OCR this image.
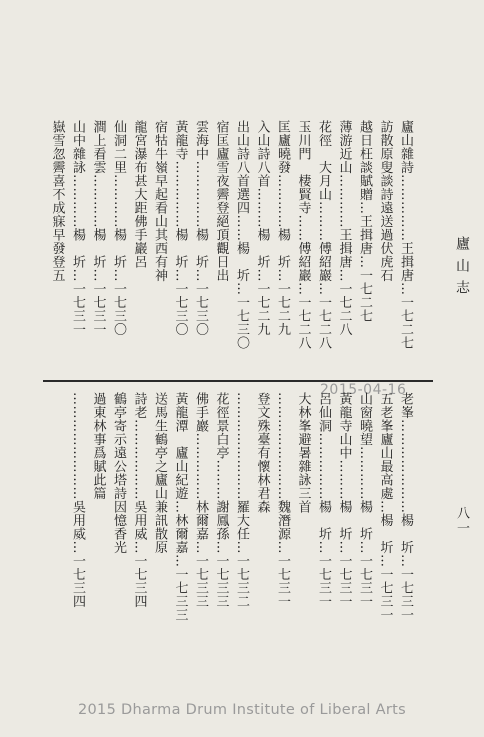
廬山志
八一
廬山雜詩……………王揖唐…一七二七
訪散原叟談詩遠送過伏虎石
越日枉談賦贈…王揖唐…一七二七
薄游近山…………王揖唐…一七二八
花徑　大月山………傅紹巖…一七二八
玉川門　棲賢寺……傅紹巖…一七二八
匡廬曉發…………楊　圻…一七二九
入山詩八首………楊　圻…一七二九
出山詩八首選四……楊　圻…一七三〇
宿匡廬雪夜霽登絕頂觀日出
雲海中……………楊　圻…一七三〇
黃龍寺……………楊　圻…一七三〇
宿牯牛嶺早起看山其西有神
龍宮瀑布甚大距佛手巖呂
仙洞二里…………楊　圻…一七三〇
澗上看雲…………楊　圻…一七三一
山中雜詠…………楊　圻…一七三一
嶽雪忽霽喜不成寐早發登五
2015-04-16
老峯…………………楊　圻…一七三一
五老峯廬山最高處…楊　圻…一七三一
山窗曉望…………楊　圻…一七三一
黃龍寺山中………楊　圻…一七三一
呂仙洞……………楊　圻…一七三一
大林峯避暑雜詠三首
……………………魏潛源…一七三一
登文殊臺有懷林君森
……………………羅大任…一七三二
花徑景白亭………謝鳳孫…一七三三
佛手巖……………林爾嘉…一七三三
黃龍潭　廬山紀遊…林爾嘉…一七三三
送馬生鶴亭之廬山兼訊散原
詩老………………吳用威…一七三四
鶴亭寄示遠公塔詩因憶香光
過東林事爲賦此篇
……………………吳用威…一七三四
2015 Dharma Drum Institute of Liberal Arts
